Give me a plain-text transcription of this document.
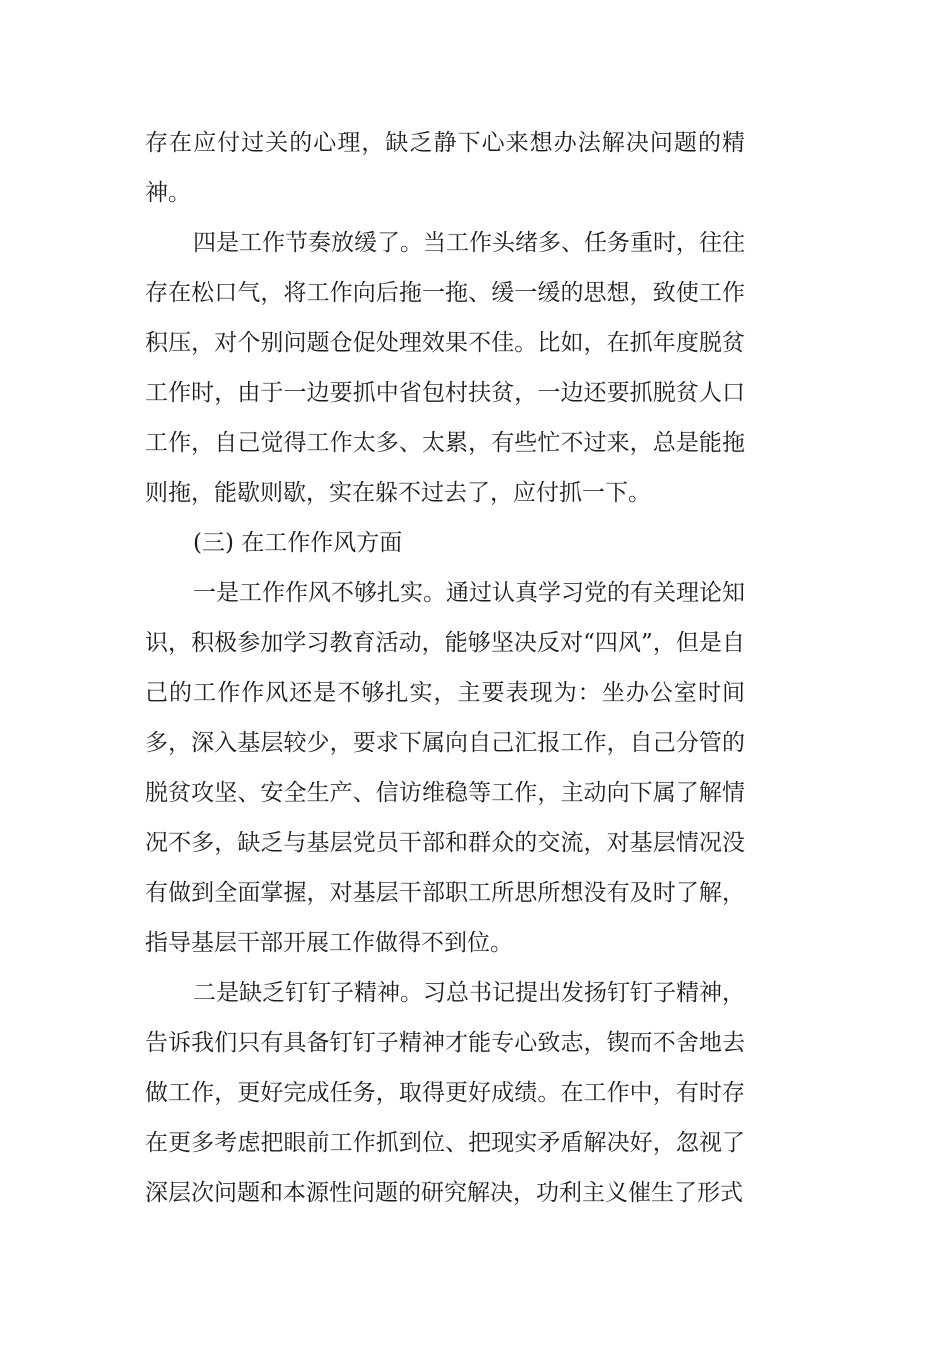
存在应付过关的心理，缺乏静下心来想办法解决问题的精神。

四是工作节奏放缓了。当工作头绪多、任务重时，往往存在松口气，将工作向后拖一拖、缓一缓的思想，致使工作积压，对个别问题仓促处理效果不佳。比如，在抓年度脱贫工作时，由于一边要抓中省包村扶贫，一边还要抓脱贫人口工作，自己觉得工作太多、太累，有些忙不过来，总是能拖则拖，能歇则歇，实在躲不过去了，应付抓一下。

(三) 在工作作风方面

一是工作作风不够扎实。通过认真学习党的有关理论知识，积极参加学习教育活动，能够坚决反对“四风”，但是自己的工作作风还是不够扎实，主要表现为：坐办公室时间多，深入基层较少，要求下属向自己汇报工作，自己分管的脱贫攻坚、安全生产、信访维稳等工作，主动向下属了解情况不多，缺乏与基层党员干部和群众的交流，对基层情况没有做到全面掌握，对基层干部职工所思所想没有及时了解，指导基层干部开展工作做得不到位。

二是缺乏钉钉子精神。习总书记提出发扬钉钉子精神，告诉我们只有具备钉钉子精神才能专心致志，锲而不舍地去做工作，更好完成任务，取得更好成绩。在工作中，有时存在更多考虑把眼前工作抓到位、把现实矛盾解决好，忽视了深层次问题和本源性问题的研究解决，功利主义催生了形式
